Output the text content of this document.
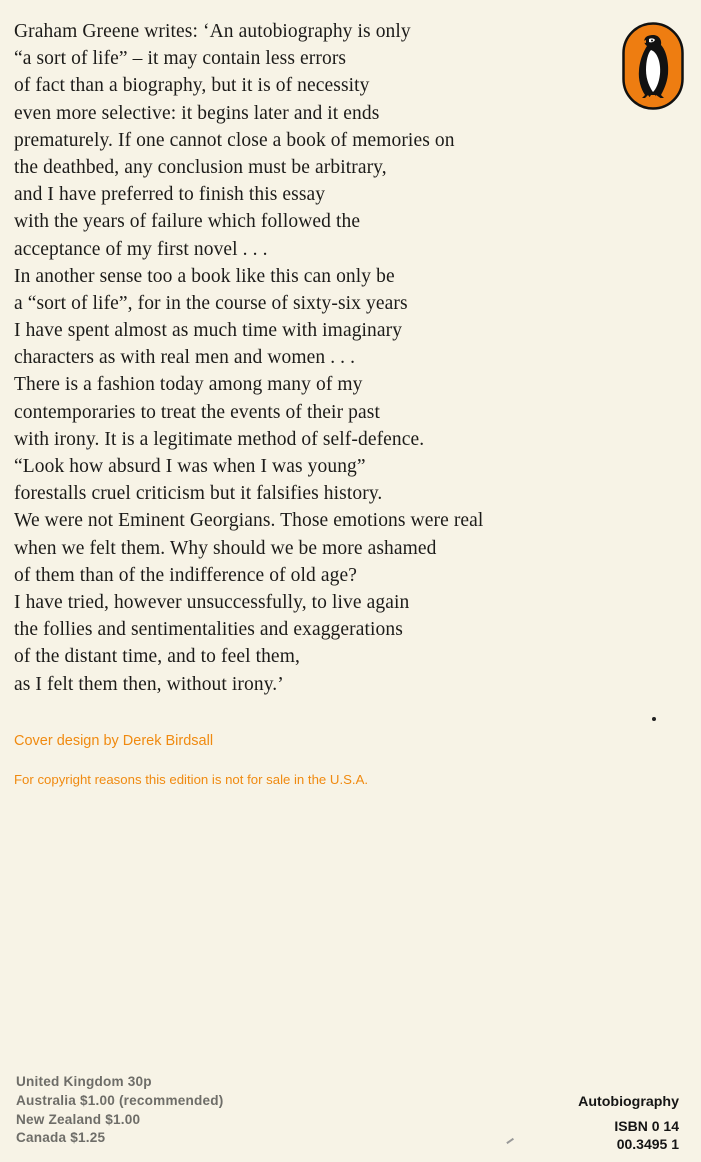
Graham Greene writes: ‘An autobiography is only
“a sort of life” – it may contain less errors
of fact than a biography, but it is of necessity
even more selective: it begins later and it ends
prematurely. If one cannot close a book of memories on
the deathbed, any conclusion must be arbitrary,
and I have preferred to finish this essay
with the years of failure which followed the
acceptance of my first novel . . .
In another sense too a book like this can only be
a “sort of life”, for in the course of sixty-six years
I have spent almost as much time with imaginary
characters as with real men and women . . .
There is a fashion today among many of my
contemporaries to treat the events of their past
with irony. It is a legitimate method of self-defence.
“Look how absurd I was when I was young”
forestalls cruel criticism but it falsifies history.
We were not Eminent Georgians. Those emotions were real
when we felt them. Why should we be more ashamed
of them than of the indifference of old age?
I have tried, however unsuccessfully, to live again
the follies and sentimentalities and exaggerations
of the distant time, and to feel them,
as I felt them then, without irony.’
Cover design by Derek Birdsall
For copyright reasons this edition is not for sale in the U.S.A.
United Kingdom 30p
Australia $1.00 (recommended)
New Zealand $1.00
Canada $1.25
Autobiography
ISBN 0 14
00.3495 1
